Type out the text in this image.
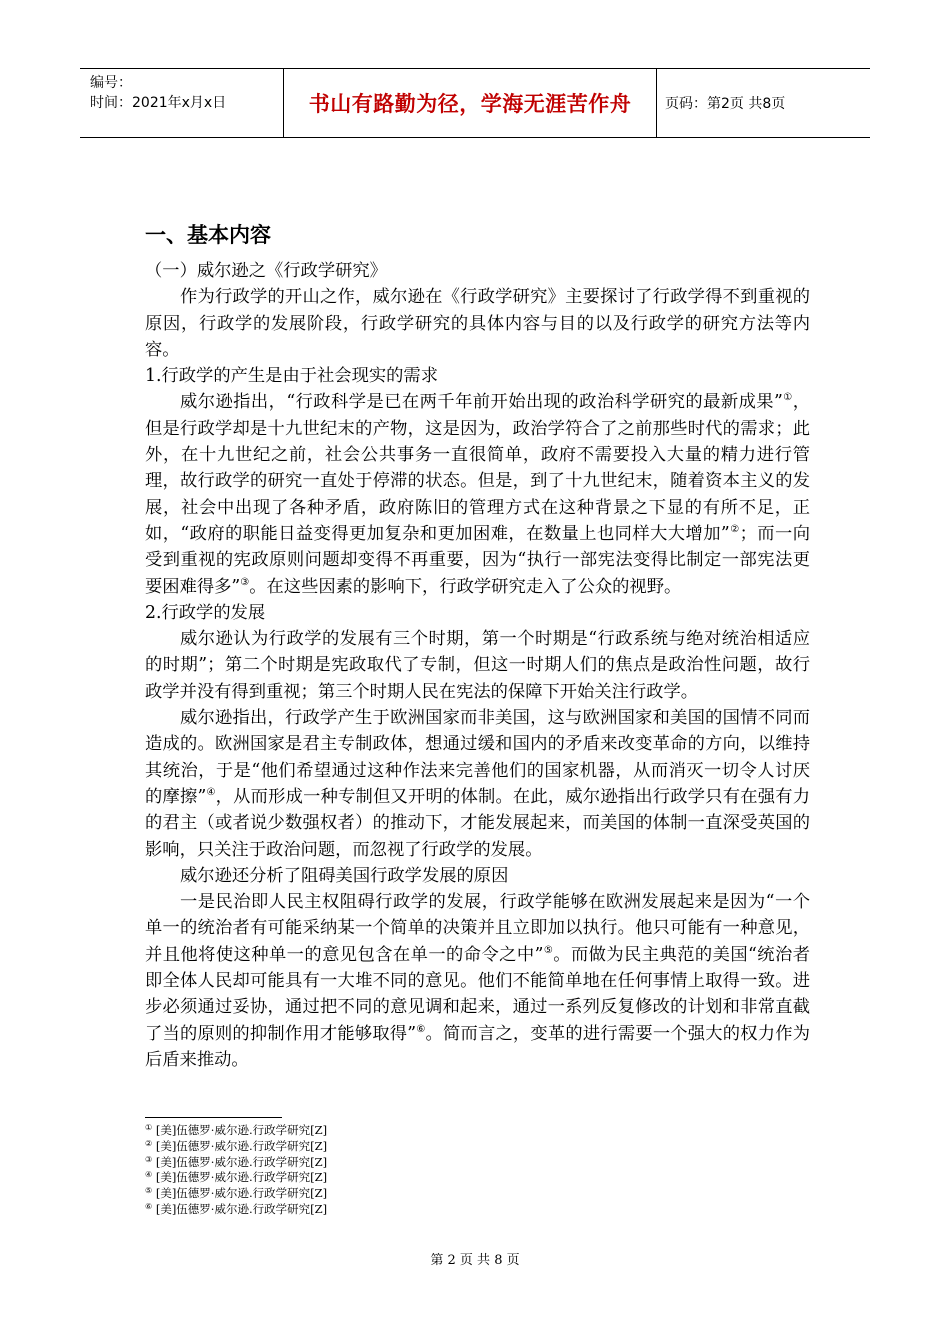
编号：
时间：2021年x月x日	书山有路勤为径，学海无涯苦作舟 页码：第2页 共8页
一、基本内容

（一）威尔逊之《行政学研究》

作为行政学的开山之作，威尔逊在《行政学研究》主要探讨了行政学得不到重视的原因，行政学的发展阶段，行政学研究的具体内容与目的以及行政学的研究方法等内容。

1.行政学的产生是由于社会现实的需求

威尔逊指出，“行政科学是已在两千年前开始出现的政治科学研究的最新成果”①，但是行政学却是十九世纪末的产物，这是因为，政治学符合了之前那些时代的需求；此外，在十九世纪之前，社会公共事务一直很简单，政府不需要投入大量的精力进行管理，故行政学的研究一直处于停滞的状态。但是，到了十九世纪末，随着资本主义的发展，社会中出现了各种矛盾，政府陈旧的管理方式在这种背景之下显的有所不足，正如，“政府的职能日益变得更加复杂和更加困难，在数量上也同样大大增加”②；而一向受到重视的宪政原则问题却变得不再重要，因为“执行一部宪法变得比制定一部宪法更要困难得多”③。在这些因素的影响下，行政学研究走入了公众的视野。

2.行政学的发展

威尔逊认为行政学的发展有三个时期，第一个时期是“行政系统与绝对统治相适应的时期”；第二个时期是宪政取代了专制，但这一时期人们的焦点是政治性问题，故行政学并没有得到重视；第三个时期人民在宪法的保障下开始关注行政学。

威尔逊指出，行政学产生于欧洲国家而非美国，这与欧洲国家和美国的国情不同而造成的。欧洲国家是君主专制政体，想通过缓和国内的矛盾来改变革命的方向，以维持其统治，于是“他们希望通过这种作法来完善他们的国家机器，从而消灭一切令人讨厌的摩擦”④，从而形成一种专制但又开明的体制。在此，威尔逊指出行政学只有在强有力的君主（或者说少数强权者）的推动下，才能发展起来，而美国的体制一直深受英国的影响，只关注于政治问题，而忽视了行政学的发展。

威尔逊还分析了阻碍美国行政学发展的原因

一是民治即人民主权阻碍行政学的发展，行政学能够在欧洲发展起来是因为“一个单一的统治者有可能采纳某一个简单的决策并且立即加以执行。他只可能有一种意见，并且他将使这种单一的意见包含在单一的命令之中”⑤。而做为民主典范的美国“统治者即全体人民却可能具有一大堆不同的意见。他们不能简单地在任何事情上取得一致。进步必须通过妥协，通过把不同的意见调和起来，通过一系列反复修改的计划和非常直截了当的原则的抑制作用才能够取得”⑥。简而言之，变革的进行需要一个强大的权力作为后盾来推动。

① [美]伍德罗·威尔逊.行政学研究[Z]
② [美]伍德罗·威尔逊.行政学研究[Z]
③ [美]伍德罗·威尔逊.行政学研究[Z]
④ [美]伍德罗·威尔逊.行政学研究[Z]
⑤ [美]伍德罗·威尔逊.行政学研究[Z]
⑥ [美]伍德罗·威尔逊.行政学研究[Z]
第 2 页 共 8 页
